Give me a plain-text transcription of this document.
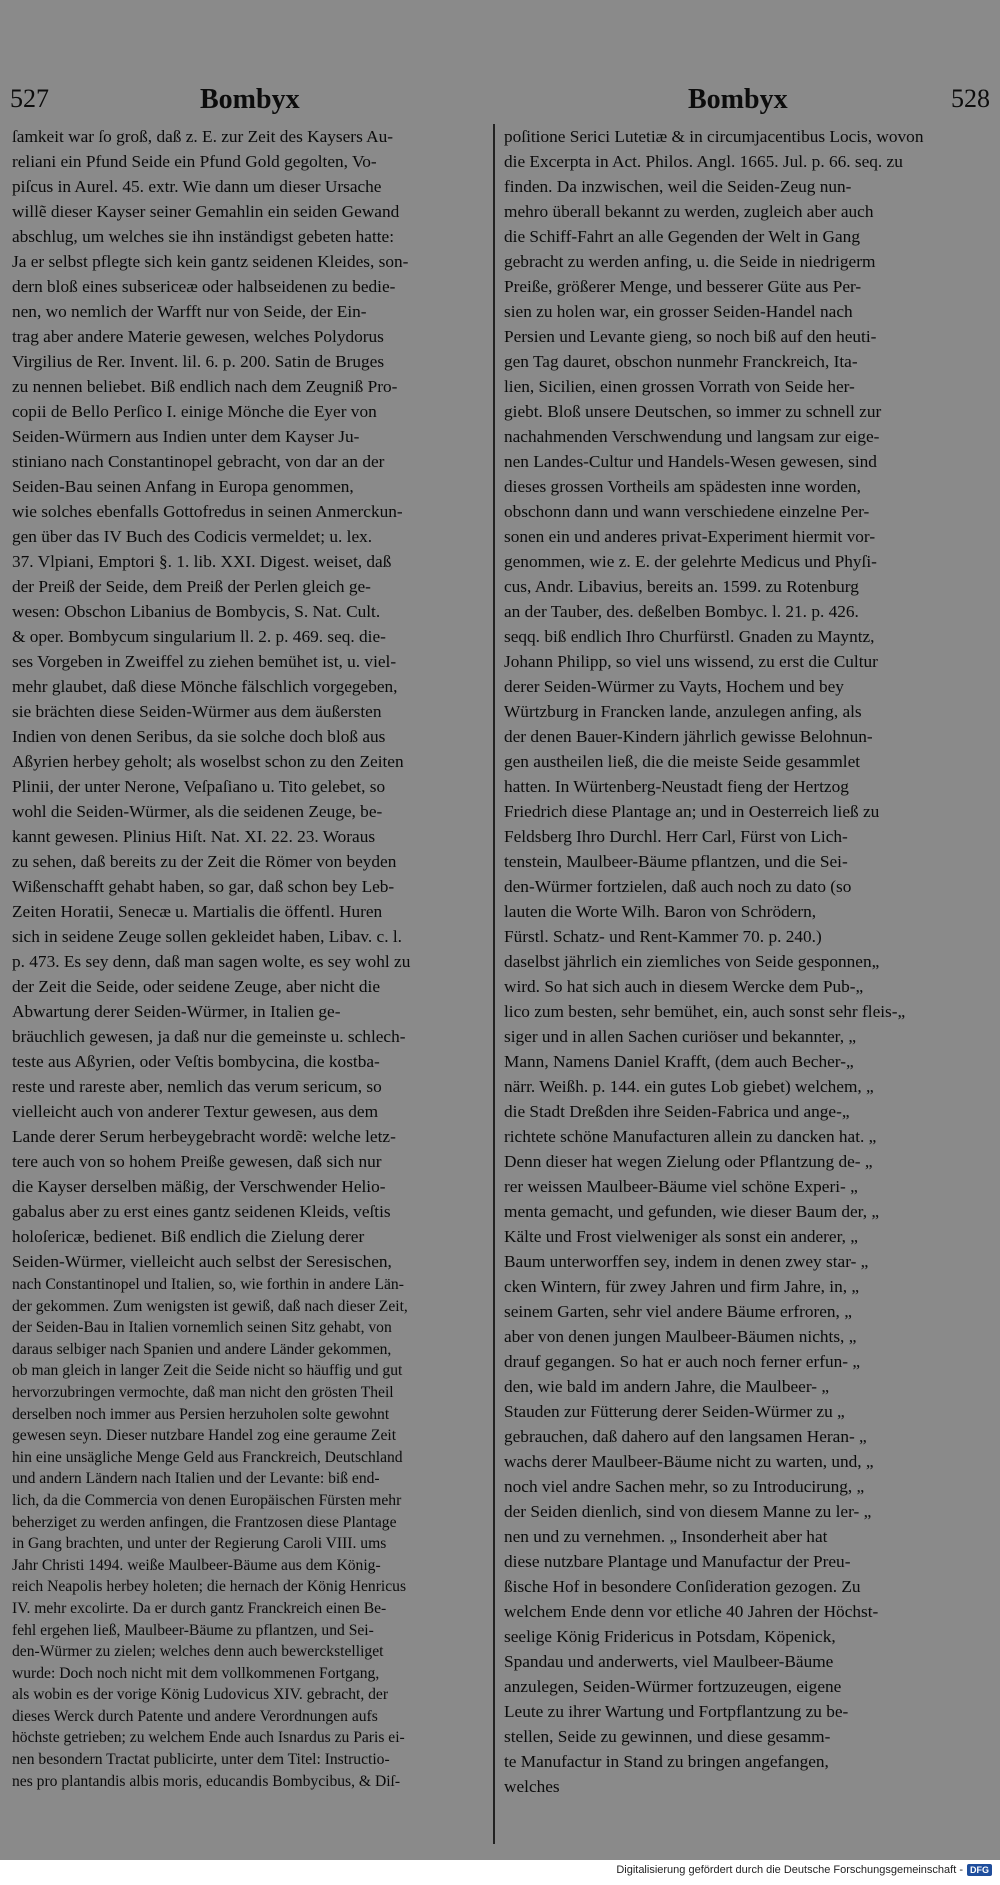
527	Bombyx	Bombyx	528
ſamkeit war ſo groß, daß z. E. zur Zeit des Kaysers Au-
reliani ein Pfund Seide ein Pfund Gold gegolten, Vo-
piſcus in Aurel. 45. extr. Wie dann um dieser Ursache
willẽ dieser Kayser seiner Gemahlin ein seiden Gewand
abschlug, um welches sie ihn inständigst gebeten hatte:
Ja er selbst pflegte sich kein gantz seidenen Kleides, son-
dern bloß eines subsericeæ oder halbseidenen zu bedie-
nen, wo nemlich der Warfft nur von Seide, der Ein-
trag aber andere Materie gewesen, welches Polydorus
Virgilius de Rer. Invent. lil. 6. p. 200. Satin de Bruges
zu nennen beliebet. Biß endlich nach dem Zeugniß Pro-
copii de Bello Perſico I. einige Mönche die Eyer von
Seiden-Würmern aus Indien unter dem Kayser Ju-
stiniano nach Constantinopel gebracht, von dar an der
Seiden-Bau seinen Anfang in Europa genommen,
wie solches ebenfalls Gottofredus in seinen Anmerckun-
gen über das IV Buch des Codicis vermeldet; u. lex.
37. Vlpiani, Emptori §. 1. lib. XXI. Digest. weiset, daß
der Preiß der Seide, dem Preiß der Perlen gleich ge-
wesen: Obschon Libanius de Bombycis, S. Nat. Cult.
& oper. Bombycum singularium ll. 2. p. 469. seq. die-
ses Vorgeben in Zweiffel zu ziehen bemühet ist, u. viel-
mehr glaubet, daß diese Mönche fälschlich vorgegeben,
sie brächten diese Seiden-Würmer aus dem äußersten
Indien von denen Seribus, da sie solche doch bloß aus
Aßyrien herbey geholt; als woselbst schon zu den Zeiten
Plinii, der unter Nerone, Veſpaſiano u. Tito gelebet, so
wohl die Seiden-Würmer, als die seidenen Zeuge, be-
kannt gewesen. Plinius Hiſt. Nat. XI. 22. 23. Woraus
zu sehen, daß bereits zu der Zeit die Römer von beyden
Wißenschafft gehabt haben, so gar, daß schon bey Leb-
Zeiten Horatii, Senecæ u. Martialis die öffentl. Huren
sich in seidene Zeuge sollen gekleidet haben, Libav. c. l.
p. 473. Es sey denn, daß man sagen wolte, es sey wohl zu
der Zeit die Seide, oder seidene Zeuge, aber nicht die
Abwartung derer Seiden-Würmer, in Italien ge-
bräuchlich gewesen, ja daß nur die gemeinste u. schlech-
teste aus Aßyrien, oder Veſtis bombycina, die kostba-
reste und rareste aber, nemlich das verum sericum, so
vielleicht auch von anderer Textur gewesen, aus dem
Lande derer Serum herbeygebracht wordẽ: welche letz-
tere auch von so hohem Preiße gewesen, daß sich nur
die Kayser derselben mäßig, der Verschwender Helio-
gabalus aber zu erst eines gantz seidenen Kleids, veſtis
holoſericæ, bedienet. Biß endlich die Zielung derer
Seiden-Würmer, vielleicht auch selbst der Seresischen,
nach Constantinopel und Italien, so, wie forthin in andere Län-
der gekommen. Zum wenigsten ist gewiß, daß nach dieser Zeit,
der Seiden-Bau in Italien vornemlich seinen Sitz gehabt, von
daraus selbiger nach Spanien und andere Länder gekommen,
ob man gleich in langer Zeit die Seide nicht so häuffig und gut
hervorzubringen vermochte, daß man nicht den grösten Theil
derselben noch immer aus Persien herzuholen solte gewohnt
gewesen seyn. Dieser nutzbare Handel zog eine geraume Zeit
hin eine unsägliche Menge Geld aus Franckreich, Deutschland
und andern Ländern nach Italien und der Levante: biß end-
lich, da die Commercia von denen Europäischen Fürsten mehr
beherziget zu werden anfingen, die Frantzosen diese Plantage
in Gang brachten, und unter der Regierung Caroli VIII. ums
Jahr Christi 1494. weiße Maulbeer-Bäume aus dem König-
reich Neapolis herbey holeten; die hernach der König Henricus
IV. mehr excolirte. Da er durch gantz Franckreich einen Be-
fehl ergehen ließ, Maulbeer-Bäume zu pflantzen, und Sei-
den-Würmer zu zielen; welches denn auch bewerckstelliget
wurde: Doch noch nicht mit dem vollkommenen Fortgang,
als wobin es der vorige König Ludovicus XIV. gebracht, der
dieses Werck durch Patente und andere Verordnungen aufs
höchste getrieben; zu welchem Ende auch Isnardus zu Paris ei-
nen besondern Tractat publicirte, unter dem Titel: Instructio-
nes pro plantandis albis moris, educandis Bombycibus, & Diſ-
poſitione Serici Lutetiæ & in circumjacentibus Locis, wovon
die Excerpta in Act. Philos. Angl. 1665. Jul. p. 66. seq. zu
finden. Da inzwischen, weil die Seiden-Zeug nun-
mehro überall bekannt zu werden, zugleich aber auch
die Schiff-Fahrt an alle Gegenden der Welt in Gang
gebracht zu werden anfing, u. die Seide in niedrigerm
Preiße, größerer Menge, und besserer Güte aus Per-
sien zu holen war, ein grosser Seiden-Handel nach
Persien und Levante gieng, so noch biß auf den heuti-
gen Tag dauret, obschon nunmehr Franckreich, Ita-
lien, Sicilien, einen grossen Vorrath von Seide her-
giebt. Bloß unsere Deutschen, so immer zu schnell zur
nachahmenden Verschwendung und langsam zur eige-
nen Landes-Cultur und Handels-Wesen gewesen, sind
dieses grossen Vortheils am spädesten inne worden,
obschonn dann und wann verschiedene einzelne Per-
sonen ein und anderes privat-Experiment hiermit vor-
genommen, wie z. E. der gelehrte Medicus und Phyſi-
cus, Andr. Libavius, bereits an. 1599. zu Rotenburg
an der Tauber, des. deßelben Bombyc. l. 21. p. 426.
seqq. biß endlich Ihro Churfürstl. Gnaden zu Mayntz,
Johann Philipp, so viel uns wissend, zu erst die Cultur
derer Seiden-Würmer zu Vayts, Hochem und bey
Würtzburg in Francken lande, anzulegen anfing, als
der denen Bauer-Kindern jährlich gewisse Belohnun-
gen austheilen ließ, die die meiste Seide gesammlet
hatten. In Würtenberg-Neustadt fieng der Hertzog
Friedrich diese Plantage an; und in Oesterreich ließ zu
Feldsberg Ihro Durchl. Herr Carl, Fürst von Lich-
tenstein, Maulbeer-Bäume pflantzen, und die Sei-
den-Würmer fortzielen, daß auch noch zu dato (so
lauten die Worte Wilh. Baron von Schrödern,
Fürstl. Schatz- und Rent-Kammer 70. p. 240.)
daselbst jährlich ein ziemliches von Seide gesponnen„
wird. So hat sich auch in diesem Wercke dem Pub-„
lico zum besten, sehr bemühet, ein, auch sonst sehr fleis-„
siger und in allen Sachen curiöser und bekannter, „
Mann, Namens Daniel Krafft, (dem auch Becher-„
närr. Weißh. p. 144. ein gutes Lob giebet) welchem, „
die Stadt Dreßden ihre Seiden-Fabrica und ange-„
richtete schöne Manufacturen allein zu dancken hat. „
Denn dieser hat wegen Zielung oder Pflantzung de- „
rer weissen Maulbeer-Bäume viel schöne Experi- „
menta gemacht, und gefunden, wie dieser Baum der, „
Kälte und Frost vielweniger als sonst ein anderer, „
Baum unterworffen sey, indem in denen zwey star- „
cken Wintern, für zwey Jahren und firm Jahre, in, „
seinem Garten, sehr viel andere Bäume erfroren, „
aber von denen jungen Maulbeer-Bäumen nichts, „
drauf gegangen. So hat er auch noch ferner erfun- „
den, wie bald im andern Jahre, die Maulbeer- „
Stauden zur Fütterung derer Seiden-Würmer zu „
gebrauchen, daß dahero auf den langsamen Heran- „
wachs derer Maulbeer-Bäume nicht zu warten, und, „
noch viel andre Sachen mehr, so zu Introducirung, „
der Seiden dienlich, sind von diesem Manne zu ler- „
nen und zu vernehmen. „ Insonderheit aber hat
diese nutzbare Plantage und Manufactur der Preu-
ßische Hof in besondere Conſideration gezogen. Zu
welchem Ende denn vor etliche 40 Jahren der Höchst-
seelige König Fridericus in Potsdam, Köpenick,
Spandau und anderwerts, viel Maulbeer-Bäume
anzulegen, Seiden-Würmer fortzuzeugen, eigene
Leute zu ihrer Wartung und Fortpflantzung zu be-
stellen, Seide zu gewinnen, und diese gesamm-
te Manufactur in Stand zu bringen angefangen,
welches
Digitalisierung gefördert durch die Deutsche Forschungsgemeinschaft - DFG
